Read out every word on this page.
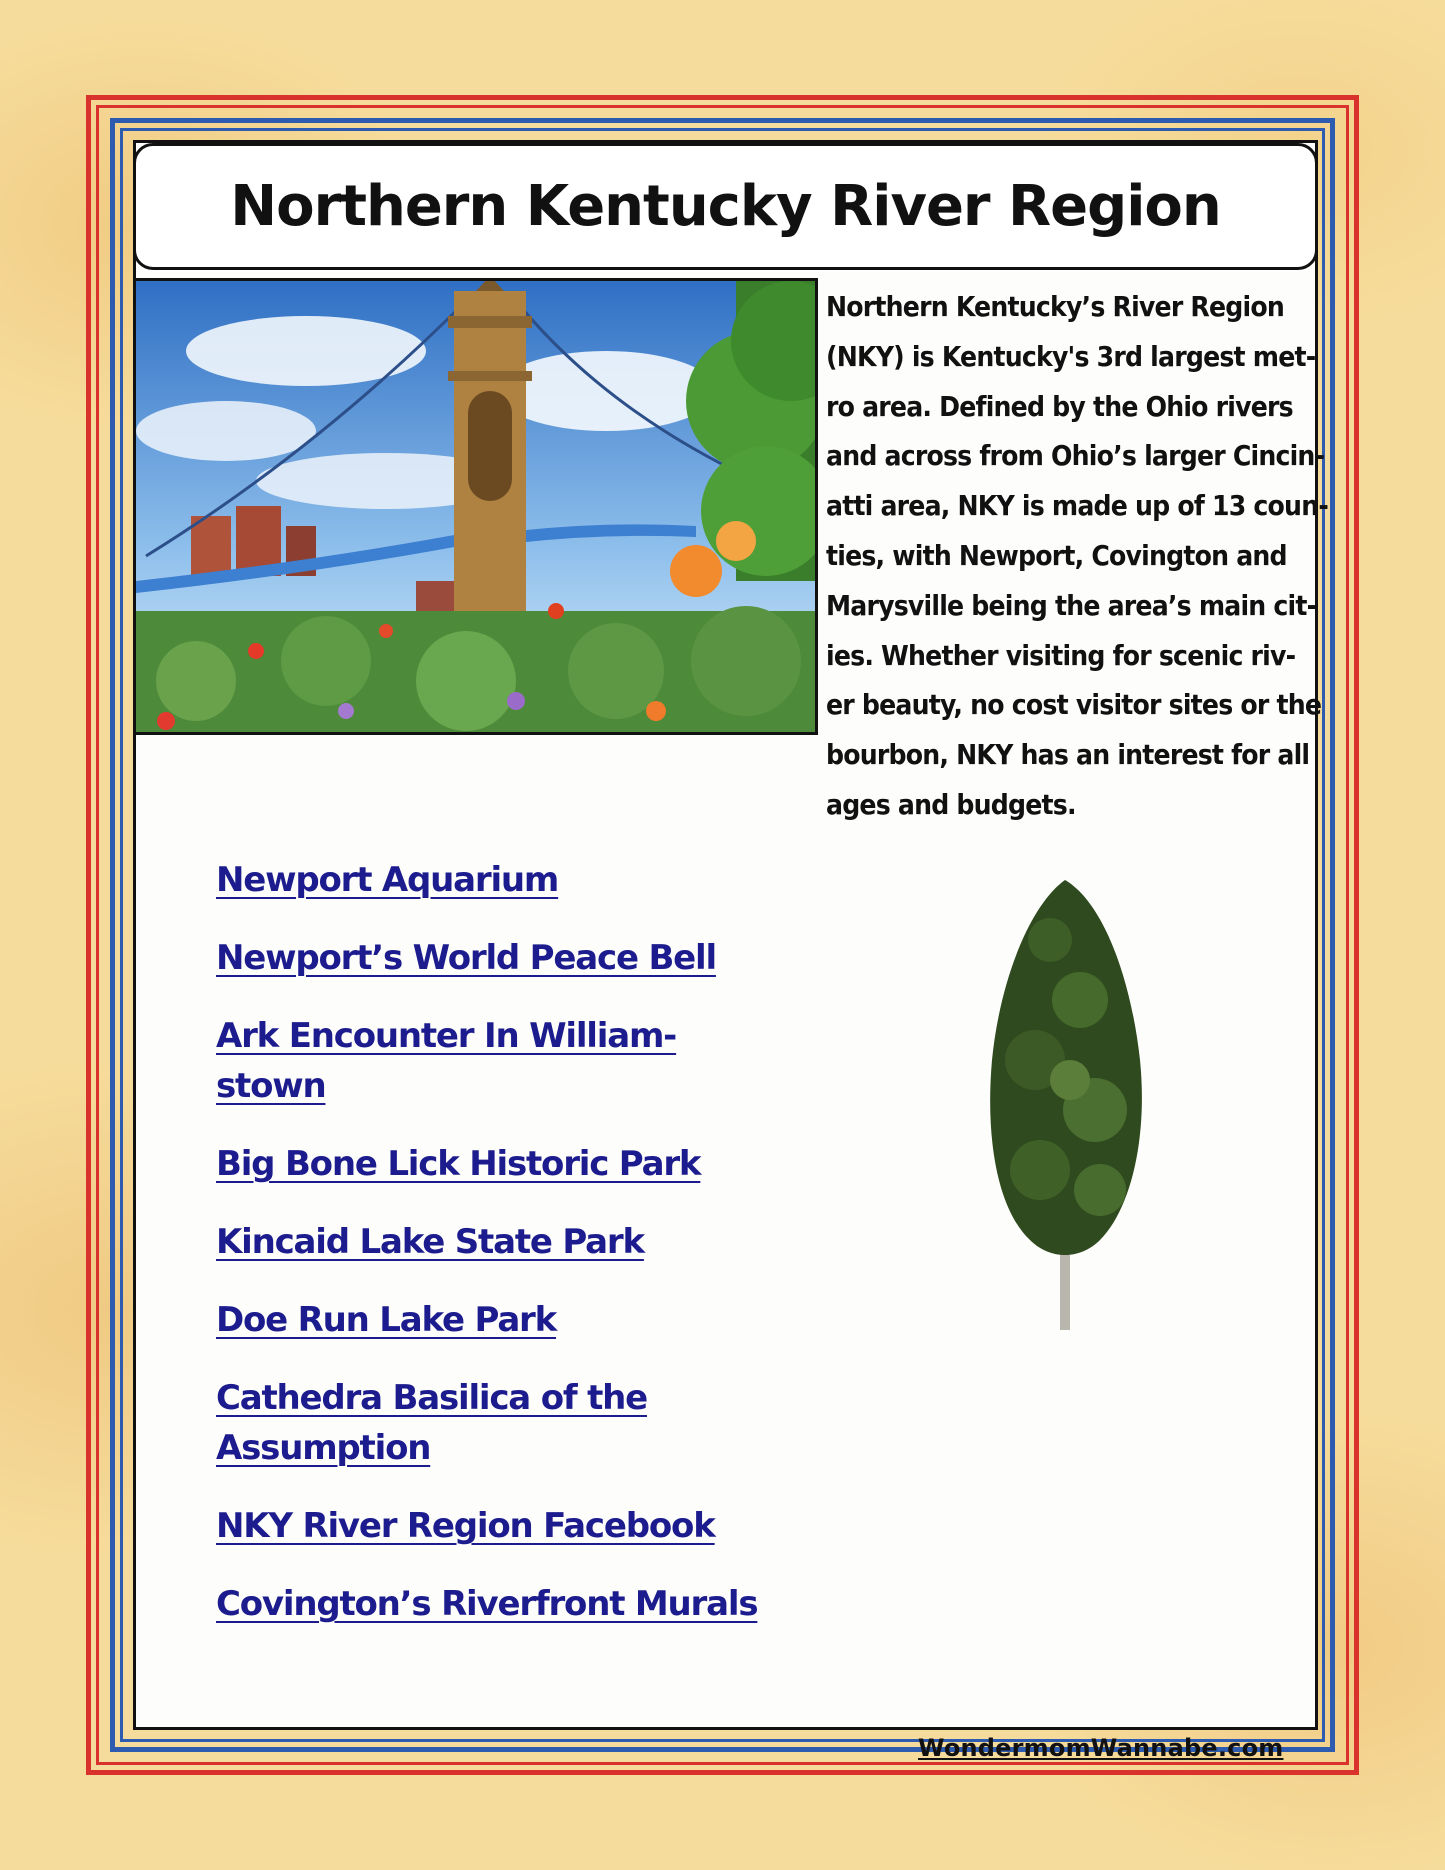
Northern Kentucky River Region

Northern Kentucky’s River Region
(NKY) is Kentucky's 3rd largest met-
ro area. Defined by the Ohio rivers
and across from Ohio’s larger Cincin-
atti area, NKY is made up of 13 coun-
ties, with Newport, Covington and
Marysville being the area’s main cit-
ies. Whether visiting for scenic riv-
er beauty, no cost visitor sites or the
bourbon, NKY has an interest for all
ages and budgets.

Newport Aquarium
Newport’s World Peace Bell
Ark Encounter In William-
stown
Big Bone Lick Historic Park
Kincaid Lake State Park
Doe Run Lake Park
Cathedra Basilica of the Assumption
NKY River Region Facebook
Covington’s Riverfront Murals
WondermomWannabe.com
